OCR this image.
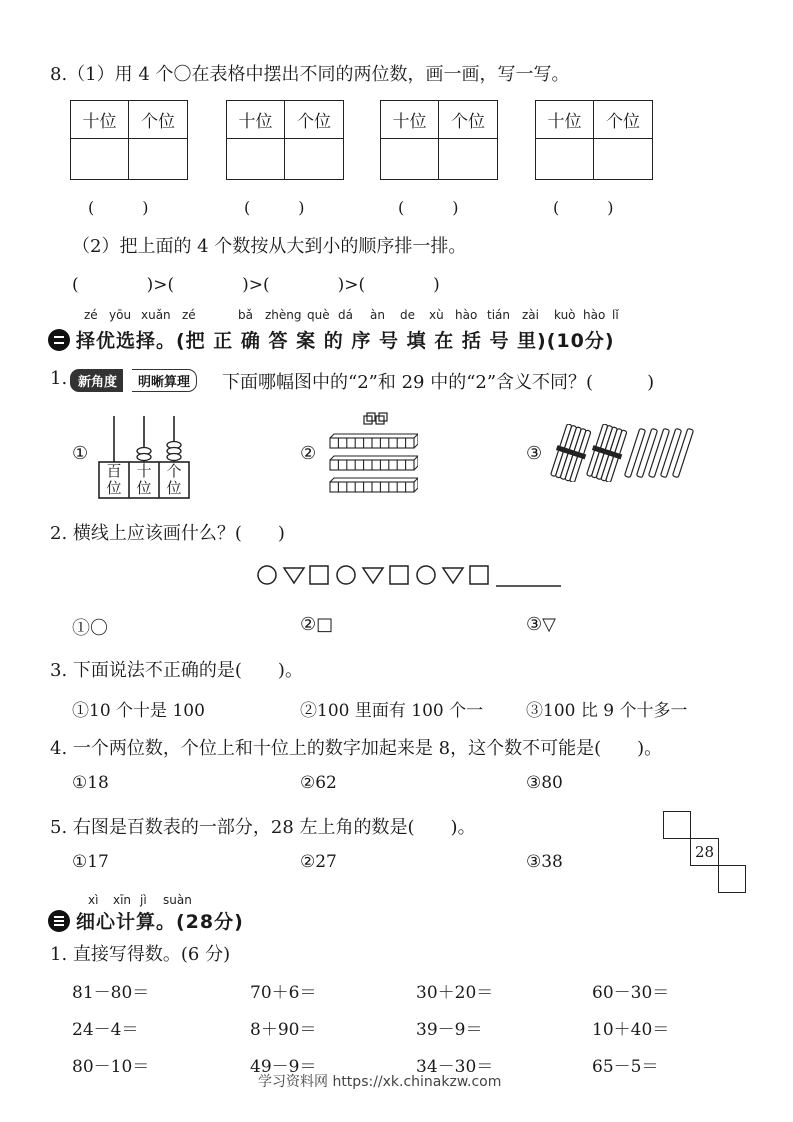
8.（1）用 4 个〇在表格中摆出不同的两位数，画一画，写一写。
十位	个位	十位	个位	十位	个位	十位	个位
(　　　)	(　　　)	(　　　)	(　　　)
（2）把上面的 4 个数按从大到小的顺序排一排。
(　　　　)>(　　　　)>(　　　　)>(　　　　)
zé yōu xuǎn zé	bǎ zhèng què dá àn de xù hào tián zài kuò hào lǐ
择优选择。(把 正 确 答 案 的 序 号 填 在 括 号 里)(10分)
1. 新角度	明晰算理	下面哪幅图中的“2”和 29 中的“2”含义不同？(　　　)
①
百位
十位
个位
②	③
2. 横线上应该画什么？(　　)
①〇	②□	③▽
3. 下面说法不正确的是(　　)。
①10 个十是 100	②100 里面有 100 个一	③100 比 9 个十多一
4. 一个两位数，个位上和十位上的数字加起来是 8，这个数不可能是(　　)。
①18	②62	③80
5. 右图是百数表的一部分，28 左上角的数是(　　)。
①17	②27	③38	28
xì xīn jì suàn
细心计算。(28分)
1. 直接写得数。(6 分)
81－80＝	70＋6＝	30＋20＝	60－30＝
24－4＝	8＋90＝	39－9＝	10＋40＝
80－10＝	49－9＝	34－30＝	65－5＝
学习资料网 https://xk.chinakzw.com
